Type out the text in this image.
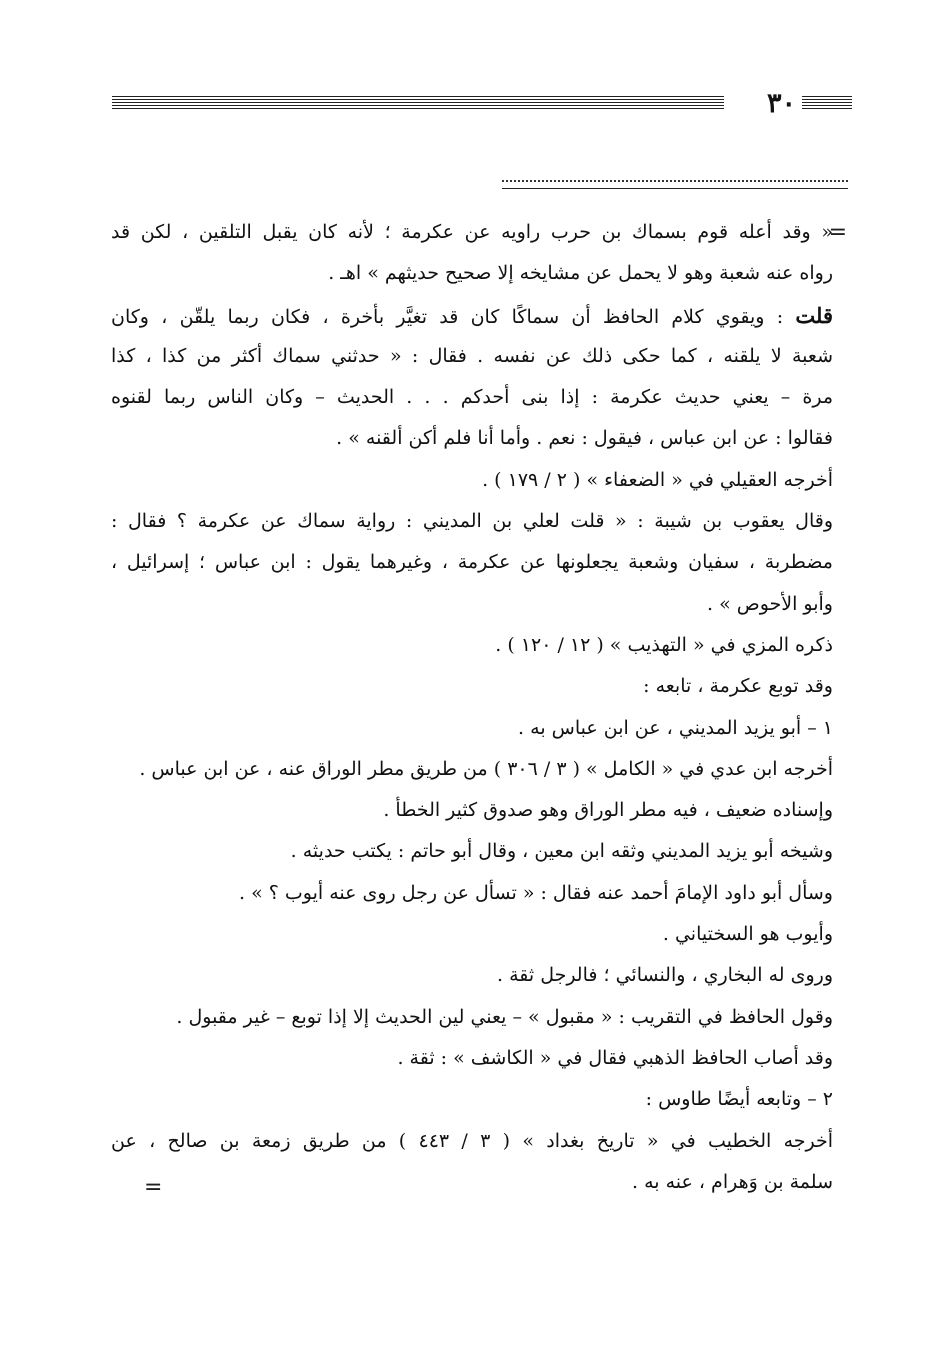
٣٠
=
=
« وقد أعله قوم بسماك بن حرب راويه عن عكرمة ؛ لأنه كان يقبل التلقين ، لكن قد
رواه عنه شعبة وهو لا يحمل عن مشايخه إلا صحيح حديثهم » اهـ .
قلت : ويقوي كلام الحافظ أن سماكًا كان قد تغيَّر بأخرة ، فكان ربما يلقّن ، وكان
شعبة لا يلقنه ، كما حكى ذلك عن نفسه . فقال : « حدثني سماك أكثر من كذا ، كذا
مرة – يعني حديث عكرمة : إذا بنى أحدكم . . . الحديث – وكان الناس ربما لقنوه
فقالوا : عن ابن عباس ، فيقول : نعم . وأما أنا فلم أكن ألقنه » .
أخرجه العقيلي في « الضعفاء » ( ٢ / ١٧٩ ) .
وقال يعقوب بن شيبة : « قلت لعلي بن المديني : رواية سماك عن عكرمة ؟ فقال :
مضطربة ، سفيان وشعبة يجعلونها عن عكرمة ، وغيرهما يقول : ابن عباس ؛ إسرائيل ،
وأبو الأحوص » .
ذكره المزي في « التهذيب » ( ١٢ / ١٢٠ ) .
وقد توبع عكرمة ، تابعه :
١ – أبو يزيد المديني ، عن ابن عباس به .
أخرجه ابن عدي في « الكامل » ( ٣ / ٣٠٦ ) من طريق مطر الوراق عنه ، عن ابن عباس .
وإسناده ضعيف ، فيه مطر الوراق وهو صدوق كثير الخطأ .
وشيخه أبو يزيد المديني وثقه ابن معين ، وقال أبو حاتم : يكتب حديثه .
وسأل أبو داود الإمامَ أحمد عنه فقال : « تسأل عن رجل روى عنه أيوب ؟ » .
وأيوب هو السختياني .
وروى له البخاري ، والنسائي ؛ فالرجل ثقة .
وقول الحافظ في التقريب : « مقبول » – يعني لين الحديث إلا إذا توبع – غير مقبول .
وقد أصاب الحافظ الذهبي فقال في « الكاشف » : ثقة .
٢ – وتابعه أيضًا طاوس :
أخرجه الخطيب في « تاريخ بغداد » ( ٣ / ٤٤٣ ) من طريق زمعة بن صالح ، عن
سلمة بن وَهرام ، عنه به .
